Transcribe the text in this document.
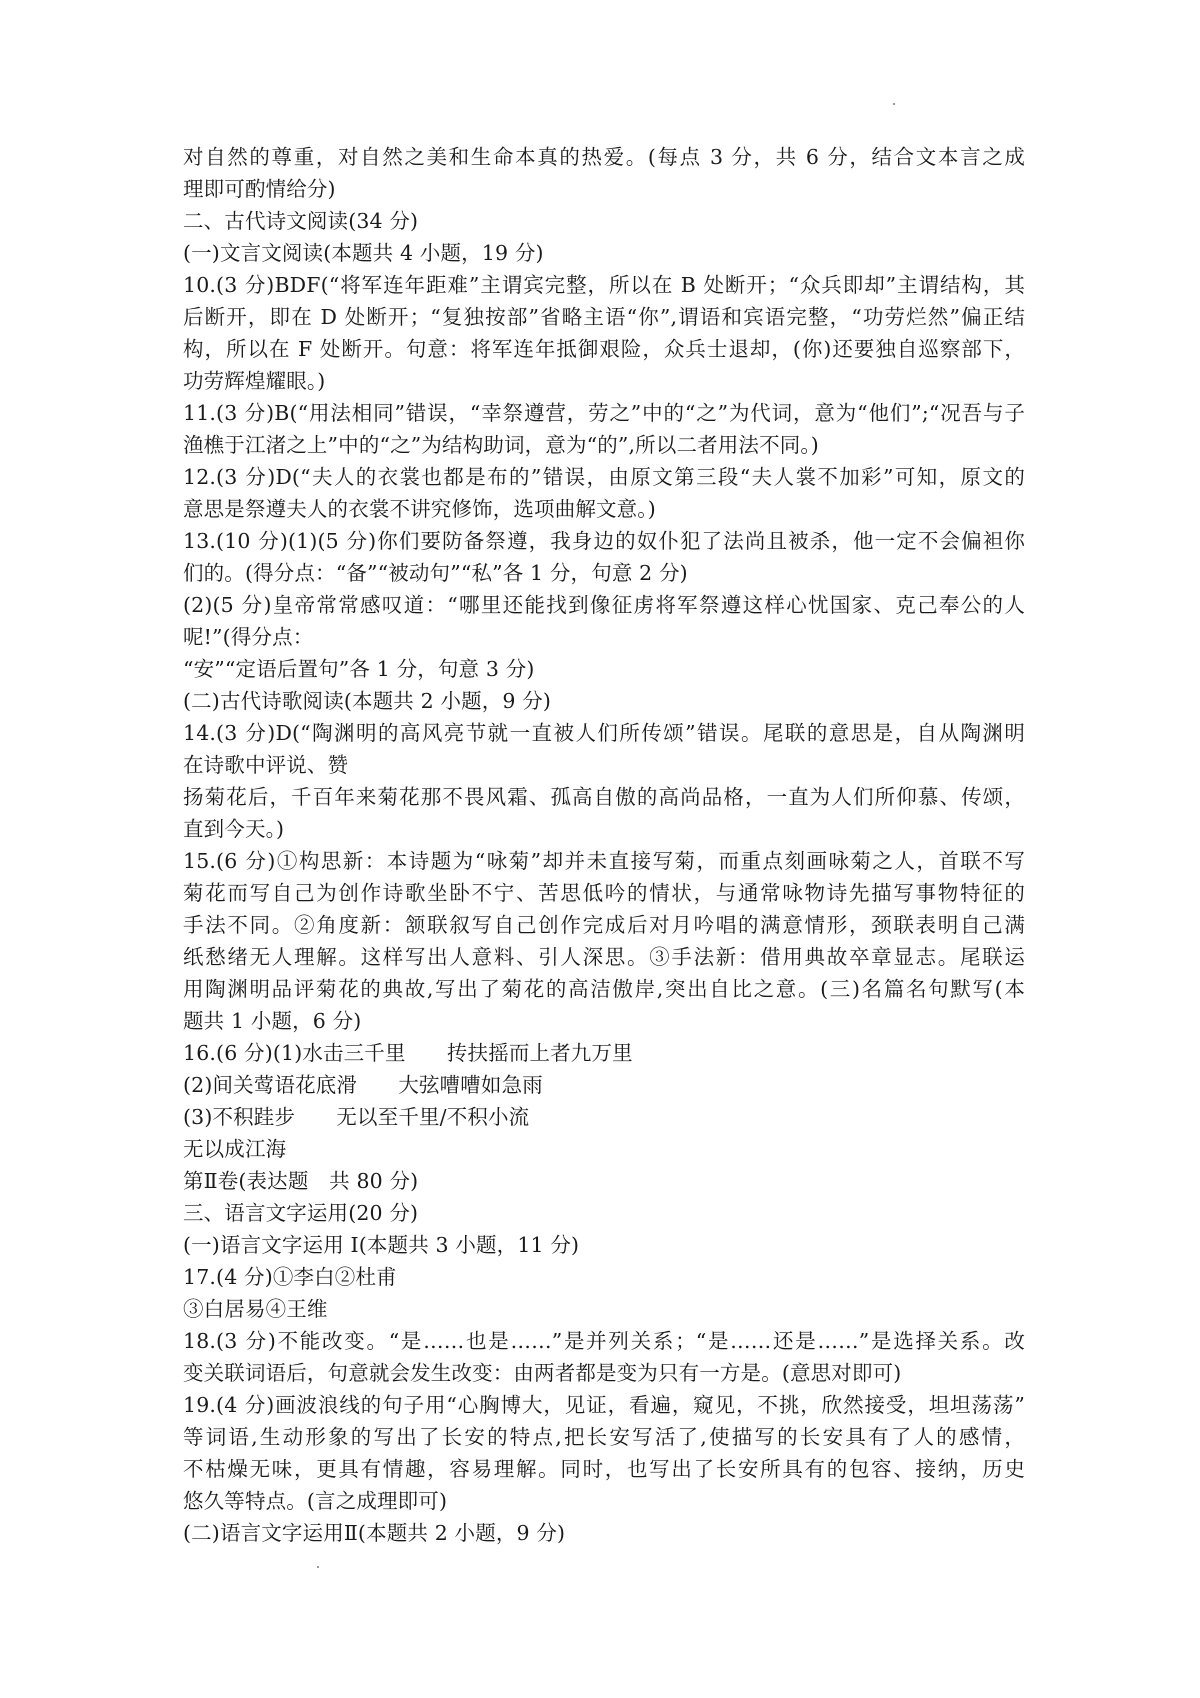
对自然的尊重，对自然之美和生命本真的热爱。(每点 3 分，共 6 分，结合文本言之成
理即可酌情给分)
二、古代诗文阅读(34 分)
(一)文言文阅读(本题共 4 小题，19 分)
10.(3 分)BDF(“将军连年距难”主谓宾完整，所以在 B 处断开；“众兵即却”主谓结构，其
后断开，即在 D 处断开；“复独按部”省略主语“你”,谓语和宾语完整，“功劳烂然”偏正结
构，所以在 F 处断开。句意：将军连年抵御艰险，众兵士退却，(你)还要独自巡察部下，
功劳辉煌耀眼。)
11.(3 分)B(“用法相同”错误，“幸祭遵营，劳之”中的“之”为代词，意为“他们”;“况吾与子
渔樵于江渚之上”中的“之”为结构助词，意为“的”,所以二者用法不同。)
12.(3 分)D(“夫人的衣裳也都是布的”错误，由原文第三段“夫人裳不加彩”可知，原文的
意思是祭遵夫人的衣裳不讲究修饰，选项曲解文意。)
13.(10 分)(1)(5 分)你们要防备祭遵，我身边的奴仆犯了法尚且被杀，他一定不会偏袒你
们的。(得分点：“备”“被动句”“私”各 1 分，句意 2 分)
(2)(5 分)皇帝常常感叹道：“哪里还能找到像征虏将军祭遵这样心忧国家、克己奉公的人
呢!”(得分点：
“安”“定语后置句”各 1 分，句意 3 分)
(二)古代诗歌阅读(本题共 2 小题，9 分)
14.(3 分)D(“陶渊明的高风亮节就一直被人们所传颂”错误。尾联的意思是，自从陶渊明
在诗歌中评说、赞
扬菊花后，千百年来菊花那不畏风霜、孤高自傲的高尚品格，一直为人们所仰慕、传颂，
直到今天。)
15.(6 分)①构思新：本诗题为“咏菊”却并未直接写菊，而重点刻画咏菊之人，首联不写
菊花而写自己为创作诗歌坐卧不宁、苦思低吟的情状，与通常咏物诗先描写事物特征的
手法不同。②角度新：颔联叙写自己创作完成后对月吟唱的满意情形，颈联表明自己满
纸愁绪无人理解。这样写出人意料、引人深思。③手法新：借用典故卒章显志。尾联运
用陶渊明品评菊花的典故,写出了菊花的高洁傲岸,突出自比之意。(三)名篇名句默写(本
题共 1 小题，6 分)
16.(6 分)(1)水击三千里　　抟扶摇而上者九万里
(2)间关莺语花底滑　　大弦嘈嘈如急雨
(3)不积跬步　　无以至千里/不积小流
无以成江海
第Ⅱ卷(表达题　共 80 分)
三、语言文字运用(20 分)
(一)语言文字运用 I(本题共 3 小题，11 分)
17.(4 分)①李白②杜甫
③白居易④王维
18.(3 分)不能改变。“是……也是……”是并列关系；“是……还是……”是选择关系。改
变关联词语后，句意就会发生改变：由两者都是变为只有一方是。(意思对即可)
19.(4 分)画波浪线的句子用“心胸博大，见证，看遍，窥见，不挑，欣然接受，坦坦荡荡”
等词语,生动形象的写出了长安的特点,把长安写活了,使描写的长安具有了人的感情，
不枯燥无味，更具有情趣，容易理解。同时，也写出了长安所具有的包容、接纳，历史
悠久等特点。(言之成理即可)
(二)语言文字运用Ⅱ(本题共 2 小题，9 分)
